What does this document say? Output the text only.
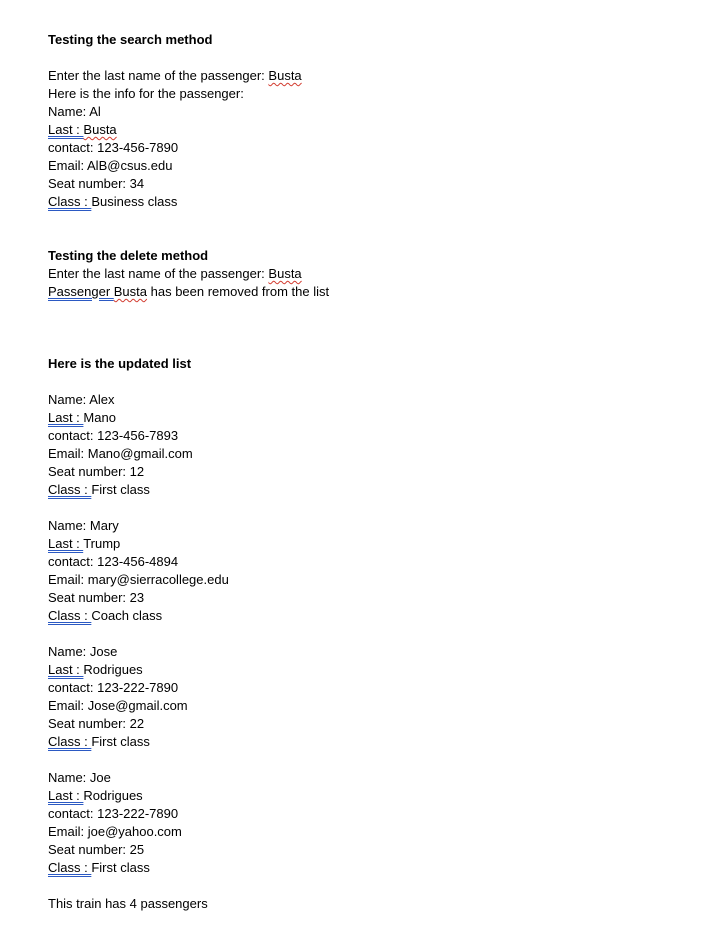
Testing the search method
Enter the last name of the passenger: Busta
Here is the info for the passenger:
Name: Al
Last : Busta
contact: 123-456-7890
Email: AlB@csus.edu
Seat number: 34
Class : Business class
Testing the delete method
Enter the last name of the passenger: Busta
Passenger Busta has been removed from the list
Here is the updated list
Name: Alex
Last : Mano
contact: 123-456-7893
Email: Mano@gmail.com
Seat number: 12
Class : First class
Name: Mary
Last : Trump
contact: 123-456-4894
Email: mary@sierracollege.edu
Seat number: 23
Class : Coach class
Name: Jose
Last : Rodrigues
contact: 123-222-7890
Email: Jose@gmail.com
Seat number: 22
Class : First class
Name: Joe
Last : Rodrigues
contact: 123-222-7890
Email: joe@yahoo.com
Seat number: 25
Class : First class
This train has 4 passengers
